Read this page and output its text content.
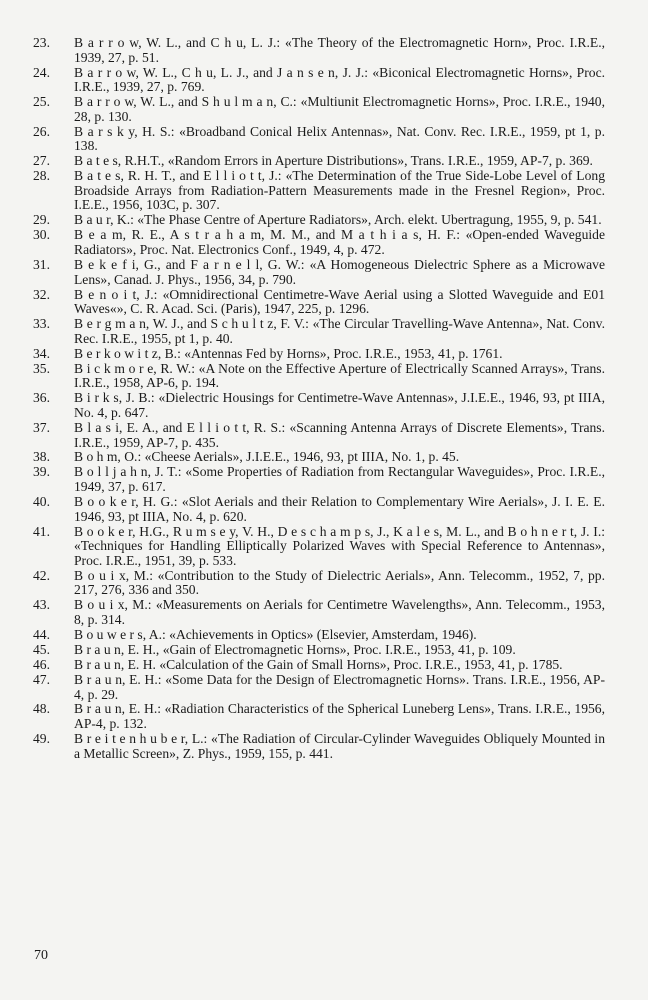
23.	B a r r o w, W. L., and C h u, L. J.: «The Theory of the Electromagnetic Horn», Proc. I.R.E., 1939, 27, p. 51.
24.	B a r r o w, W. L., C h u, L. J., and J a n s e n, J. J.: «Biconical Electromagnetic Horns», Proc. I.R.E., 1939, 27, p. 769.
25.	B a r r o w, W. L., and S h u l m a n, C.: «Multiunit Electromagnetic Horns», Proc. I.R.E., 1940, 28, p. 130.
26.	B a r s k y, H. S.: «Broadband Conical Helix Antennas», Nat. Conv. Rec. I.R.E., 1959, pt 1, p. 138.
27.	B a t e s, R.H.T., «Random Errors in Aperture Distributions», Trans. I.R.E., 1959, AP-7, p. 369.
28.	B a t e s, R. H. T., and E l l i o t t, J.: «The Determination of the True Side-Lobe Level of Long Broadside Arrays from Radiation-Pattern Measurements made in the Fresnel Region», Proc. I.E.E., 1956, 103C, p. 307.
29.	B a u r, K.: «The Phase Centre of Aperture Radiators», Arch. elekt. Ubertragung, 1955, 9, p. 541.
30.	B e a m, R. E., A s t r a h a m, M. M., and M a t h i a s, H. F.: «Open-ended Waveguide Radiators», Proc. Nat. Electronics Conf., 1949, 4, p. 472.
31.	B e k e f i, G., and F a r n e l l, G. W.: «A Homogeneous Dielectric Sphere as a Microwave Lens», Canad. J. Phys., 1956, 34, p. 790.
32.	B e n o i t, J.: «Omnidirectional Centimetre-Wave Aerial using a Slotted Waveguide and E01 Waves«», C. R. Acad. Sci. (Paris), 1947, 225, p. 1296.
33.	B e r g m a n, W. J., and S c h u l t z, F. V.: «The Circular Travelling-Wave Antenna», Nat. Conv. Rec. I.R.E., 1955, pt 1, p. 40.
34.	B e r k o w i t z, B.: «Antennas Fed by Horns», Proc. I.R.E., 1953, 41, p. 1761.
35.	B i c k m o r e, R. W.: «A Note on the Effective Aperture of Electrically Scanned Arrays», Trans. I.R.E., 1958, AP-6, p. 194.
36.	B i r k s, J. B.: «Dielectric Housings for Centimetre-Wave Antennas», J.I.E.E., 1946, 93, pt IIIA, No. 4, p. 647.
37.	B l a s i, E. A., and E l l i o t t, R. S.: «Scanning Antenna Arrays of Discrete Elements», Trans. I.R.E., 1959, AP-7, p. 435.
38.	B o h m, O.: «Cheese Aerials», J.I.E.E., 1946, 93, pt IIIA, No. 1, p. 45.
39.	B o l l j a h n, J. T.: «Some Properties of Radiation from Rectangular Waveguides», Proc. I.R.E., 1949, 37, p. 617.
40.	B o o k e r, H. G.: «Slot Aerials and their Relation to Complementary Wire Aerials», J. I. E. E. 1946, 93, pt IIIA, No. 4, p. 620.
41.	B o o k e r, H.G., R u m s e y, V. H., D e s c h a m p s, J., K a l e s, M. L., and B o h n e r t, J. I.: «Techniques for Handling Elliptically Polarized Waves with Special Reference to Antennas», Proc. I.R.E., 1951, 39, p. 533.
42.	B o u i x, M.: «Contribution to the Study of Dielectric Aerials», Ann. Telecomm., 1952, 7, pp. 217, 276, 336 and 350.
43.	B o u i x, M.: «Measurements on Aerials for Centimetre Wavelengths», Ann. Telecomm., 1953, 8, p. 314.
44.	B o u w e r s, A.: «Achievements in Optics» (Elsevier, Amsterdam, 1946).
45.	B r a u n, E. H., «Gain of Electromagnetic Horns», Proc. I.R.E., 1953, 41, p. 109.
46.	B r a u n, E. H. «Calculation of the Gain of Small Horns», Proc. I.R.E., 1953, 41, p. 1785.
47.	B r a u n, E. H.: «Some Data for the Design of Electromagnetic Horns». Trans. I.R.E., 1956, AP-4, p. 29.
48.	B r a u n, E. H.: «Radiation Characteristics of the Spherical Luneberg Lens», Trans. I.R.E., 1956, AP-4, p. 132.
49.	B r e i t e n h u b e r, L.: «The Radiation of Circular-Cylinder Waveguides Obliquely Mounted in a Metallic Screen», Z. Phys., 1959, 155, p. 441.
70
